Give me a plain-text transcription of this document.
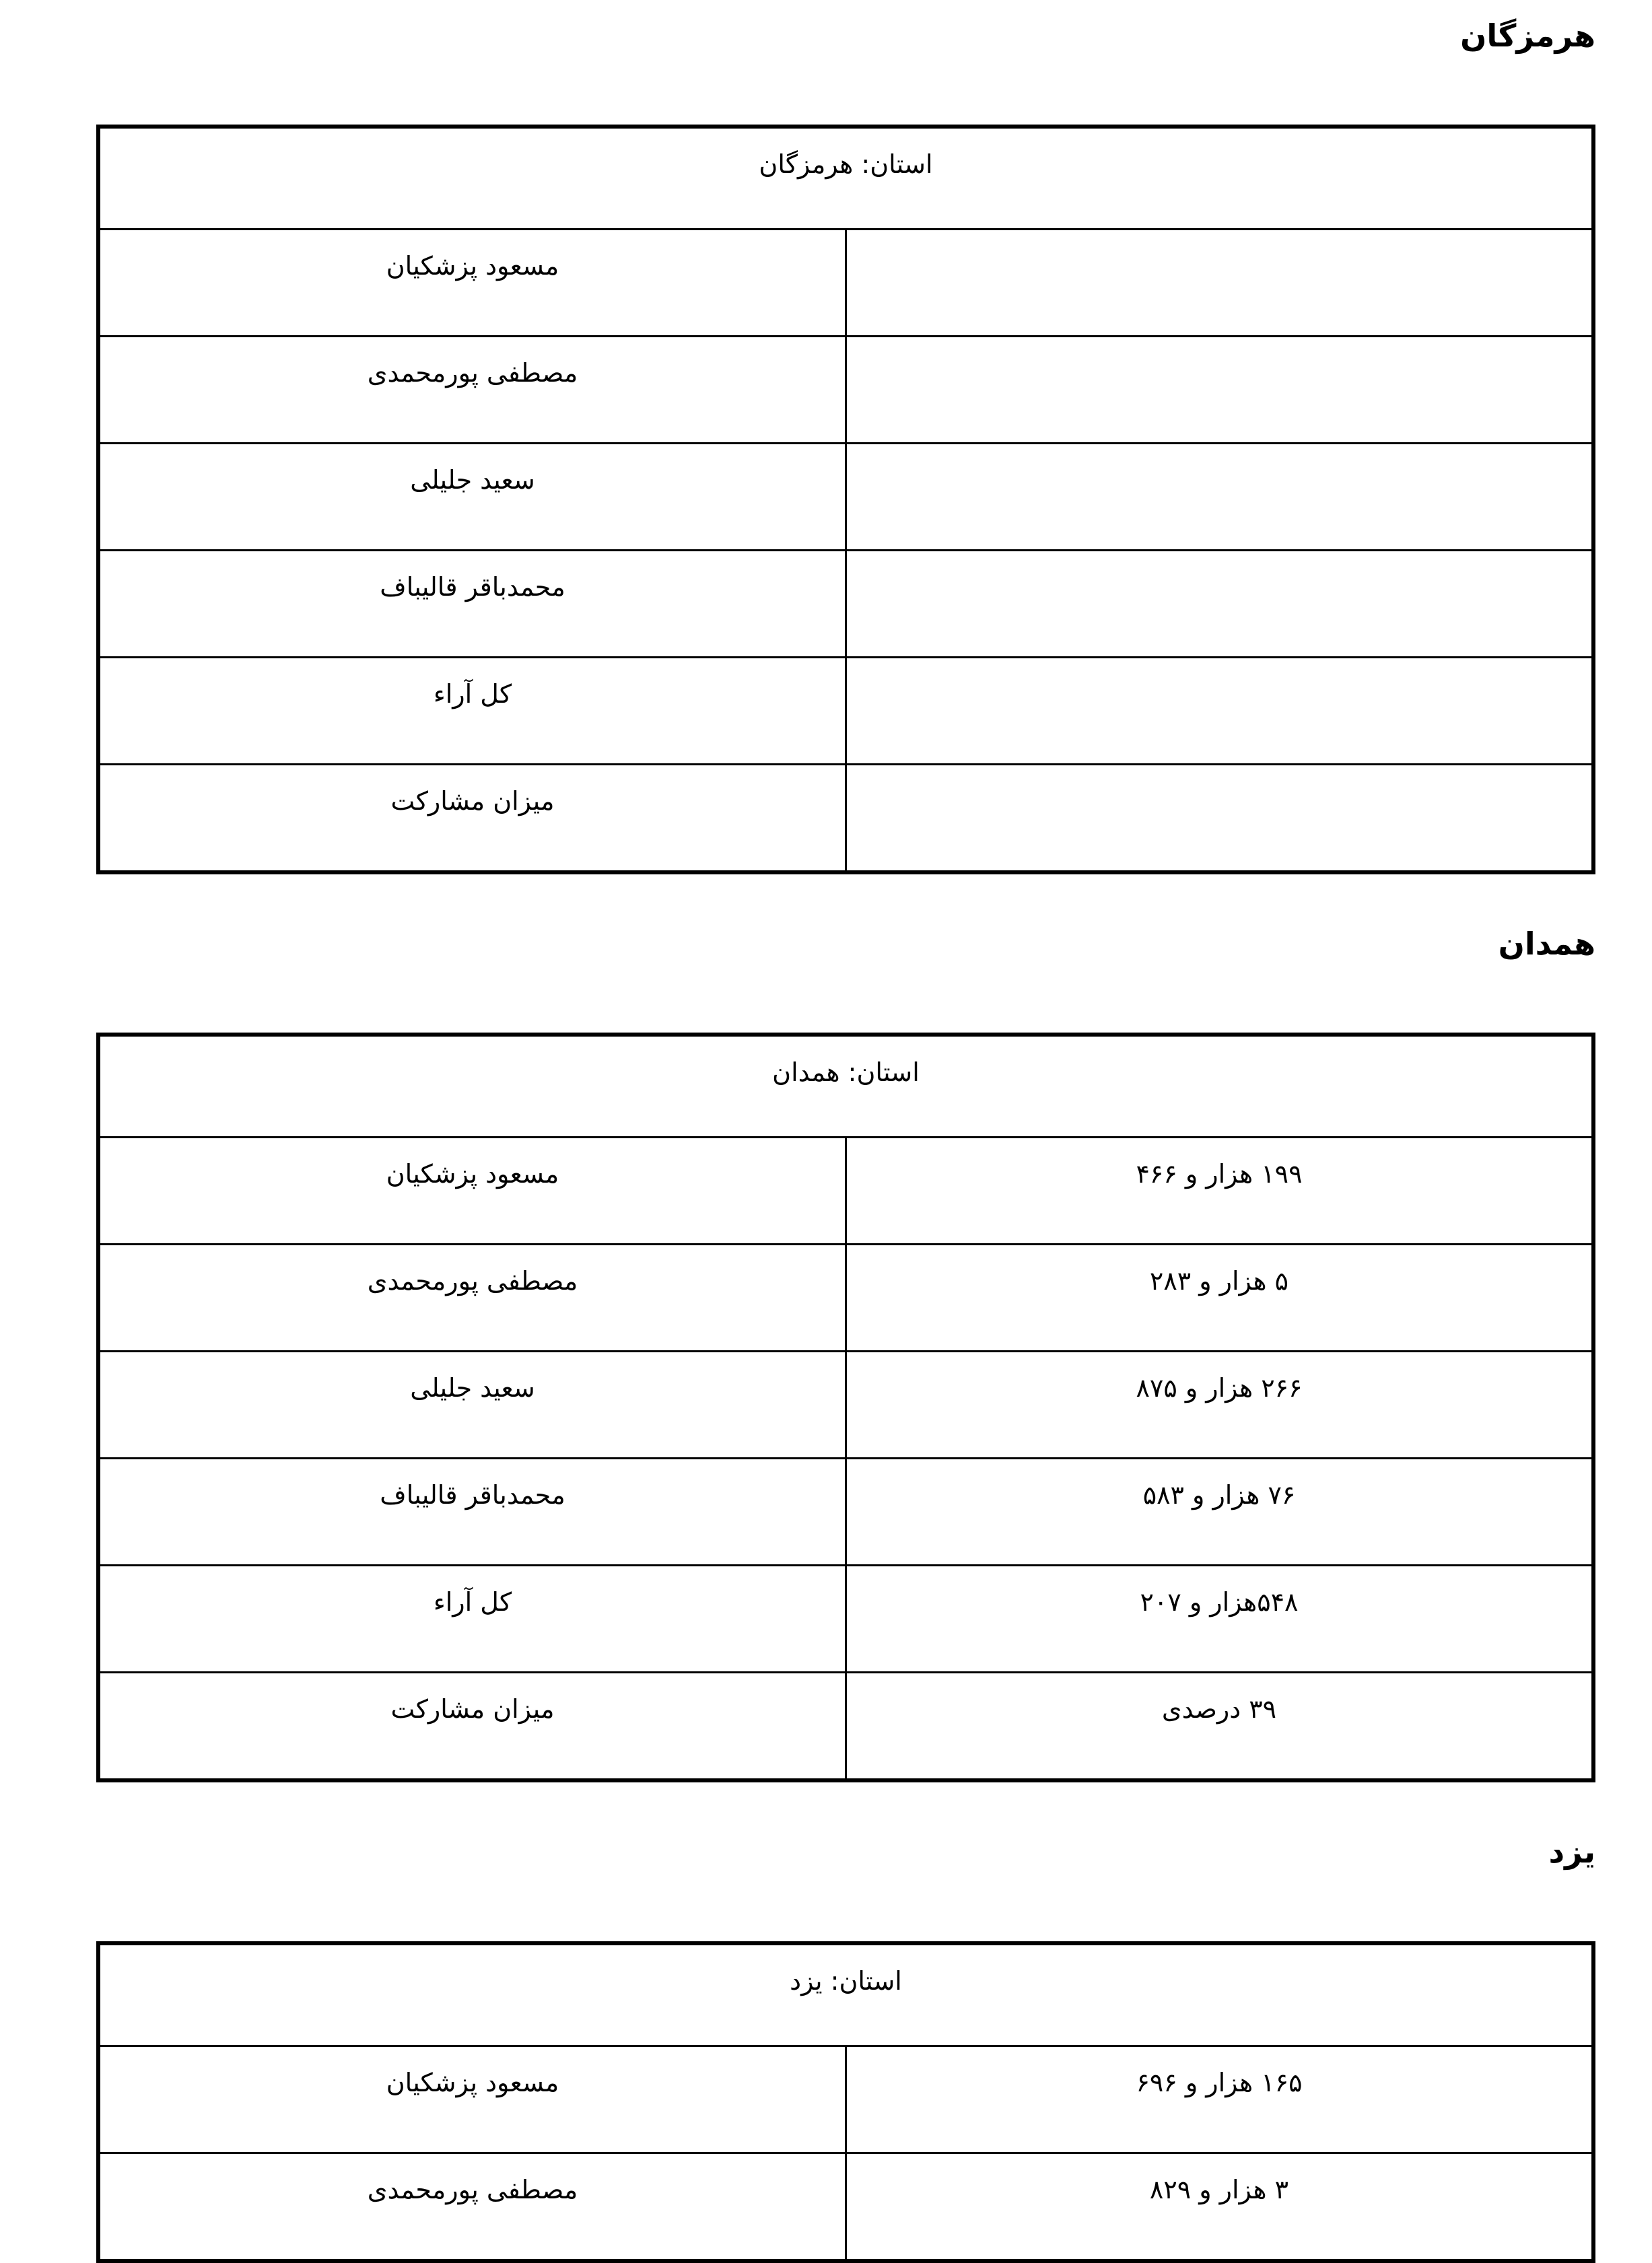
هرمزگان
استان: هرمزگان	

	مسعود پزشکیان

	مصطفی پورمحمدی

	سعید جلیلی

	محمدباقر قالیباف

	کل آراء

	میزان مشارکت
همدان
استان: همدان	

۱۹۹ هزار و ۴۶۶	مسعود پزشکیان

۵ هزار و ۲۸۳	مصطفی پورمحمدی

۲۶۶ هزار و ۸۷۵	سعید جلیلی

۷۶ هزار و ۵۸۳	محمدباقر قالیباف

۵۴۸هزار و ۲۰۷	کل آراء

۳۹ درصدی	میزان مشارکت
یزد
استان: یزد	

۱۶۵ هزار و ۶۹۶	مسعود پزشکیان

۳ هزار و ۸۲۹	مصطفی پورمحمدی
